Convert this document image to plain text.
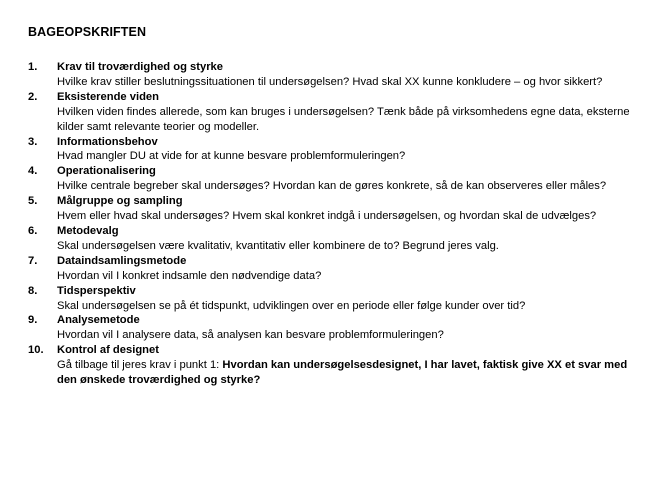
BAGEOPSKRIFTEN
1.	Krav til troværdighed og styrke
Hvilke krav stiller beslutningssituationen til undersøgelsen? Hvad skal XX kunne konkludere – og hvor sikkert?
2.	Eksisterende viden
Hvilken viden findes allerede, som kan bruges i undersøgelsen? Tænk både på virksomhedens egne data, eksterne kilder samt relevante teorier og modeller.
3.	Informationsbehov
Hvad mangler DU at vide for at kunne besvare problemformuleringen?
4.	Operationalisering
Hvilke centrale begreber skal undersøges? Hvordan kan de gøres konkrete, så de kan observeres eller måles?
5.	Målgruppe og sampling
Hvem eller hvad skal undersøges? Hvem skal konkret indgå i undersøgelsen, og hvordan skal de udvælges?
6.	Metodevalg
Skal undersøgelsen være kvalitativ, kvantitativ eller kombinere de to? Begrund jeres valg.
7.	Dataindsamlingsmetode
Hvordan vil I konkret indsamle den nødvendige data?
8.	Tidsperspektiv
Skal undersøgelsen se på ét tidspunkt, udviklingen over en periode eller følge kunder over tid?
9.	Analysemetode
Hvordan vil I analysere data, så analysen kan besvare problemformuleringen?
10.	Kontrol af designet
Gå tilbage til jeres krav i punkt 1: Hvordan kan undersøgelsesdesignet, I har lavet, faktisk give XX et svar med den ønskede troværdighed og styrke?
